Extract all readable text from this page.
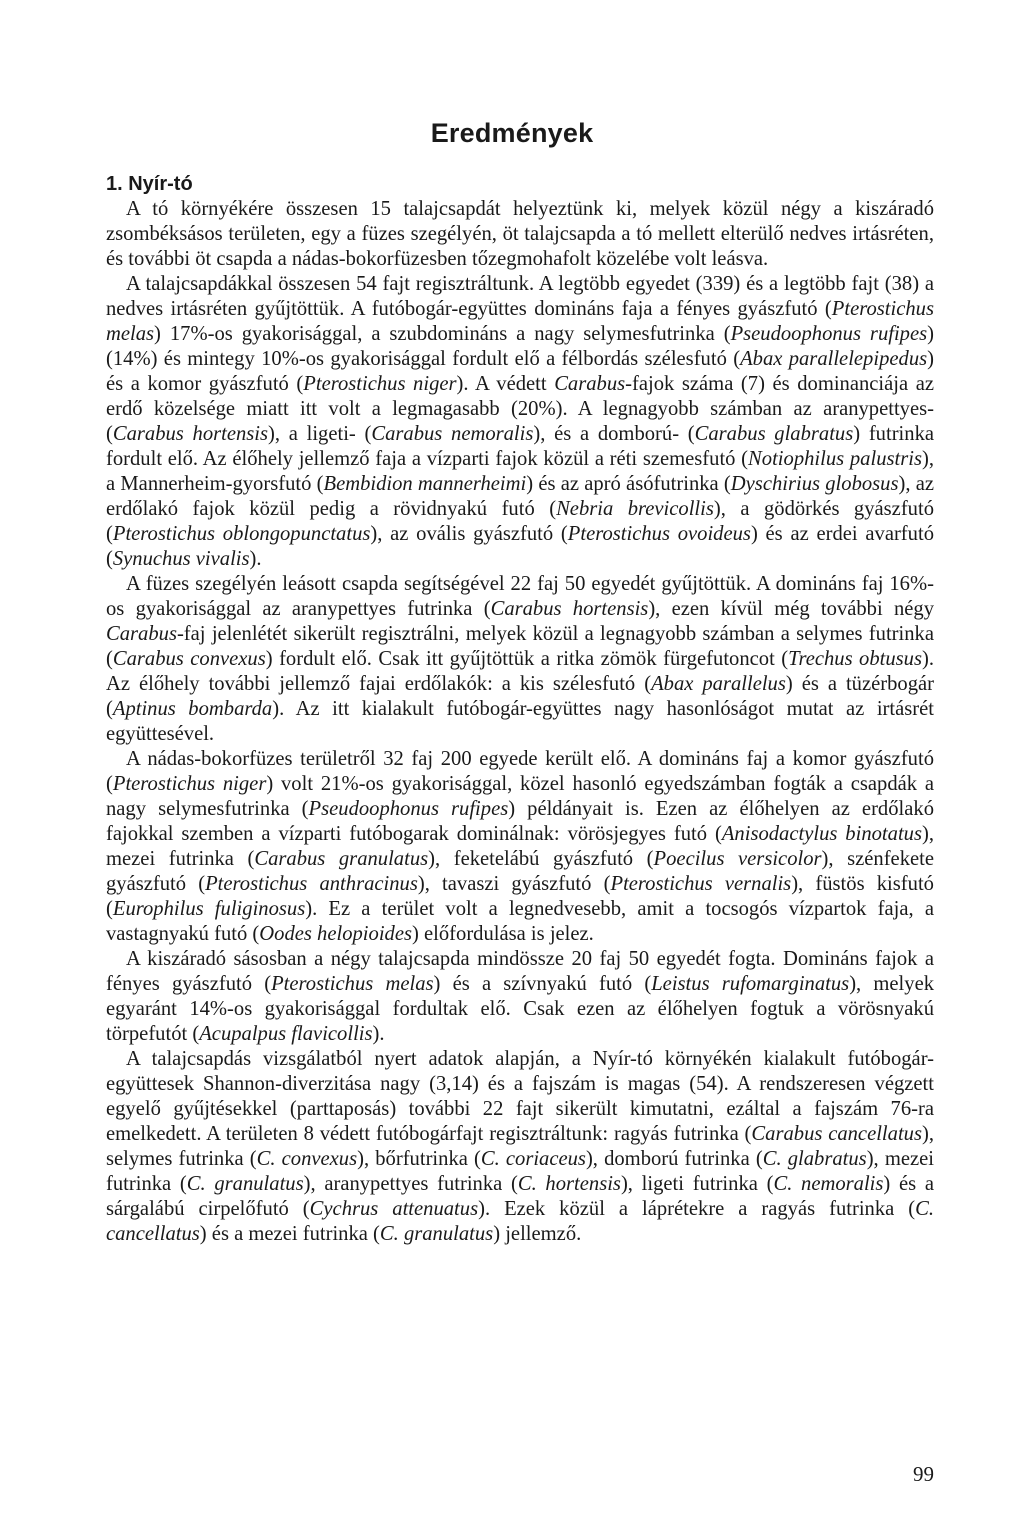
Eredmények

1. Nyír-tó

A tó környékére összesen 15 talajcsapdát helyeztünk ki, melyek közül négy a kiszáradó zsombéksásos területen, egy a füzes szegélyén, öt talajcsapda a tó mellett elterülő nedves irtásréten, és további öt csapda a nádas-bokorfüzesben tőzegmohafolt közelébe volt leásva.

A talajcsapdákkal összesen 54 fajt regisztráltunk. A legtöbb egyedet (339) és a legtöbb fajt (38) a nedves irtásréten gyűjtöttük. A futóbogár-együttes domináns faja a fényes gyászfutó (Pterostichus melas) 17%-os gyakorisággal, a szubdomináns a nagy selymesfutrinka (Pseudoophonus rufipes) (14%) és mintegy 10%-os gyakorisággal fordult elő a félbordás szélesfutó (Abax parallelepipedus) és a komor gyászfutó (Pterostichus niger). A védett Carabus-fajok száma (7) és dominanciája az erdő közelsége miatt itt volt a legmagasabb (20%). A legnagyobb számban az aranypettyes- (Carabus hortensis), a ligeti- (Carabus nemoralis), és a domború- (Carabus glabratus) futrinka fordult elő. Az élőhely jellemző faja a vízparti fajok közül a réti szemesfutó (Notiophilus palustris), a Mannerheim-gyorsfutó (Bembidion mannerheimi) és az apró ásófutrinka (Dyschirius globosus), az erdőlakó fajok közül pedig a rövidnyakú futó (Nebria brevicollis), a gödörkés gyászfutó (Pterostichus oblongopunctatus), az ovális gyászfutó (Pterostichus ovoideus) és az erdei avarfutó (Synuchus vivalis).

A füzes szegélyén leásott csapda segítségével 22 faj 50 egyedét gyűjtöttük. A domináns faj 16%-os gyakorisággal az aranypettyes futrinka (Carabus hortensis), ezen kívül még további négy Carabus-faj jelenlétét sikerült regisztrálni, melyek közül a legnagyobb számban a selymes futrinka (Carabus convexus) fordult elő. Csak itt gyűjtöttük a ritka zömök fürgefutoncot (Trechus obtusus). Az élőhely további jellemző fajai erdőlakók: a kis szélesfutó (Abax parallelus) és a tüzérbogár (Aptinus bombarda). Az itt kialakult futóbogár-együttes nagy hasonlóságot mutat az irtásrét együttesével.

A nádas-bokorfüzes területről 32 faj 200 egyede került elő. A domináns faj a komor gyászfutó (Pterostichus niger) volt 21%-os gyakorisággal, közel hasonló egyedszámban fogták a csapdák a nagy selymesfutrinka (Pseudoophonus rufipes) példányait is. Ezen az élőhelyen az erdőlakó fajokkal szemben a vízparti futóbogarak dominálnak: vörösjegyes futó (Anisodactylus binotatus), mezei futrinka (Carabus granulatus), feketelábú gyászfutó (Poecilus versicolor), szénfekete gyászfutó (Pterostichus anthracinus), tavaszi gyászfutó (Pterostichus vernalis), füstös kisfutó (Europhilus fuliginosus). Ez a terület volt a legnedvesebb, amit a tocsogós vízpartok faja, a vastagnyakú futó (Oodes helopioides) előfordulása is jelez.

A kiszáradó sásosban a négy talajcsapda mindössze 20 faj 50 egyedét fogta. Domináns fajok a fényes gyászfutó (Pterostichus melas) és a szívnyakú futó (Leistus rufomarginatus), melyek egyaránt 14%-os gyakorisággal fordultak elő. Csak ezen az élőhelyen fogtuk a vörösnyakú törpefutót (Acupalpus flavicollis).

A talajcsapdás vizsgálatból nyert adatok alapján, a Nyír-tó környékén kialakult futóbogár-együttesek Shannon-diverzitása nagy (3,14) és a fajszám is magas (54). A rendszeresen végzett egyelő gyűjtésekkel (parttaposás) további 22 fajt sikerült kimutatni, ezáltal a fajszám 76-ra emelkedett. A területen 8 védett futóbogárfajt regisztráltunk: ragyás futrinka (Carabus cancellatus), selymes futrinka (C. convexus), bőrfutrinka (C. coriaceus), domború futrinka (C. glabratus), mezei futrinka (C. granulatus), aranypettyes futrinka (C. hortensis), ligeti futrinka (C. nemoralis) és a sárgalábú cirpelőfutó (Cychrus attenuatus). Ezek közül a láprétekre a ragyás futrinka (C. cancellatus) és a mezei futrinka (C. granulatus) jellemző.

99
